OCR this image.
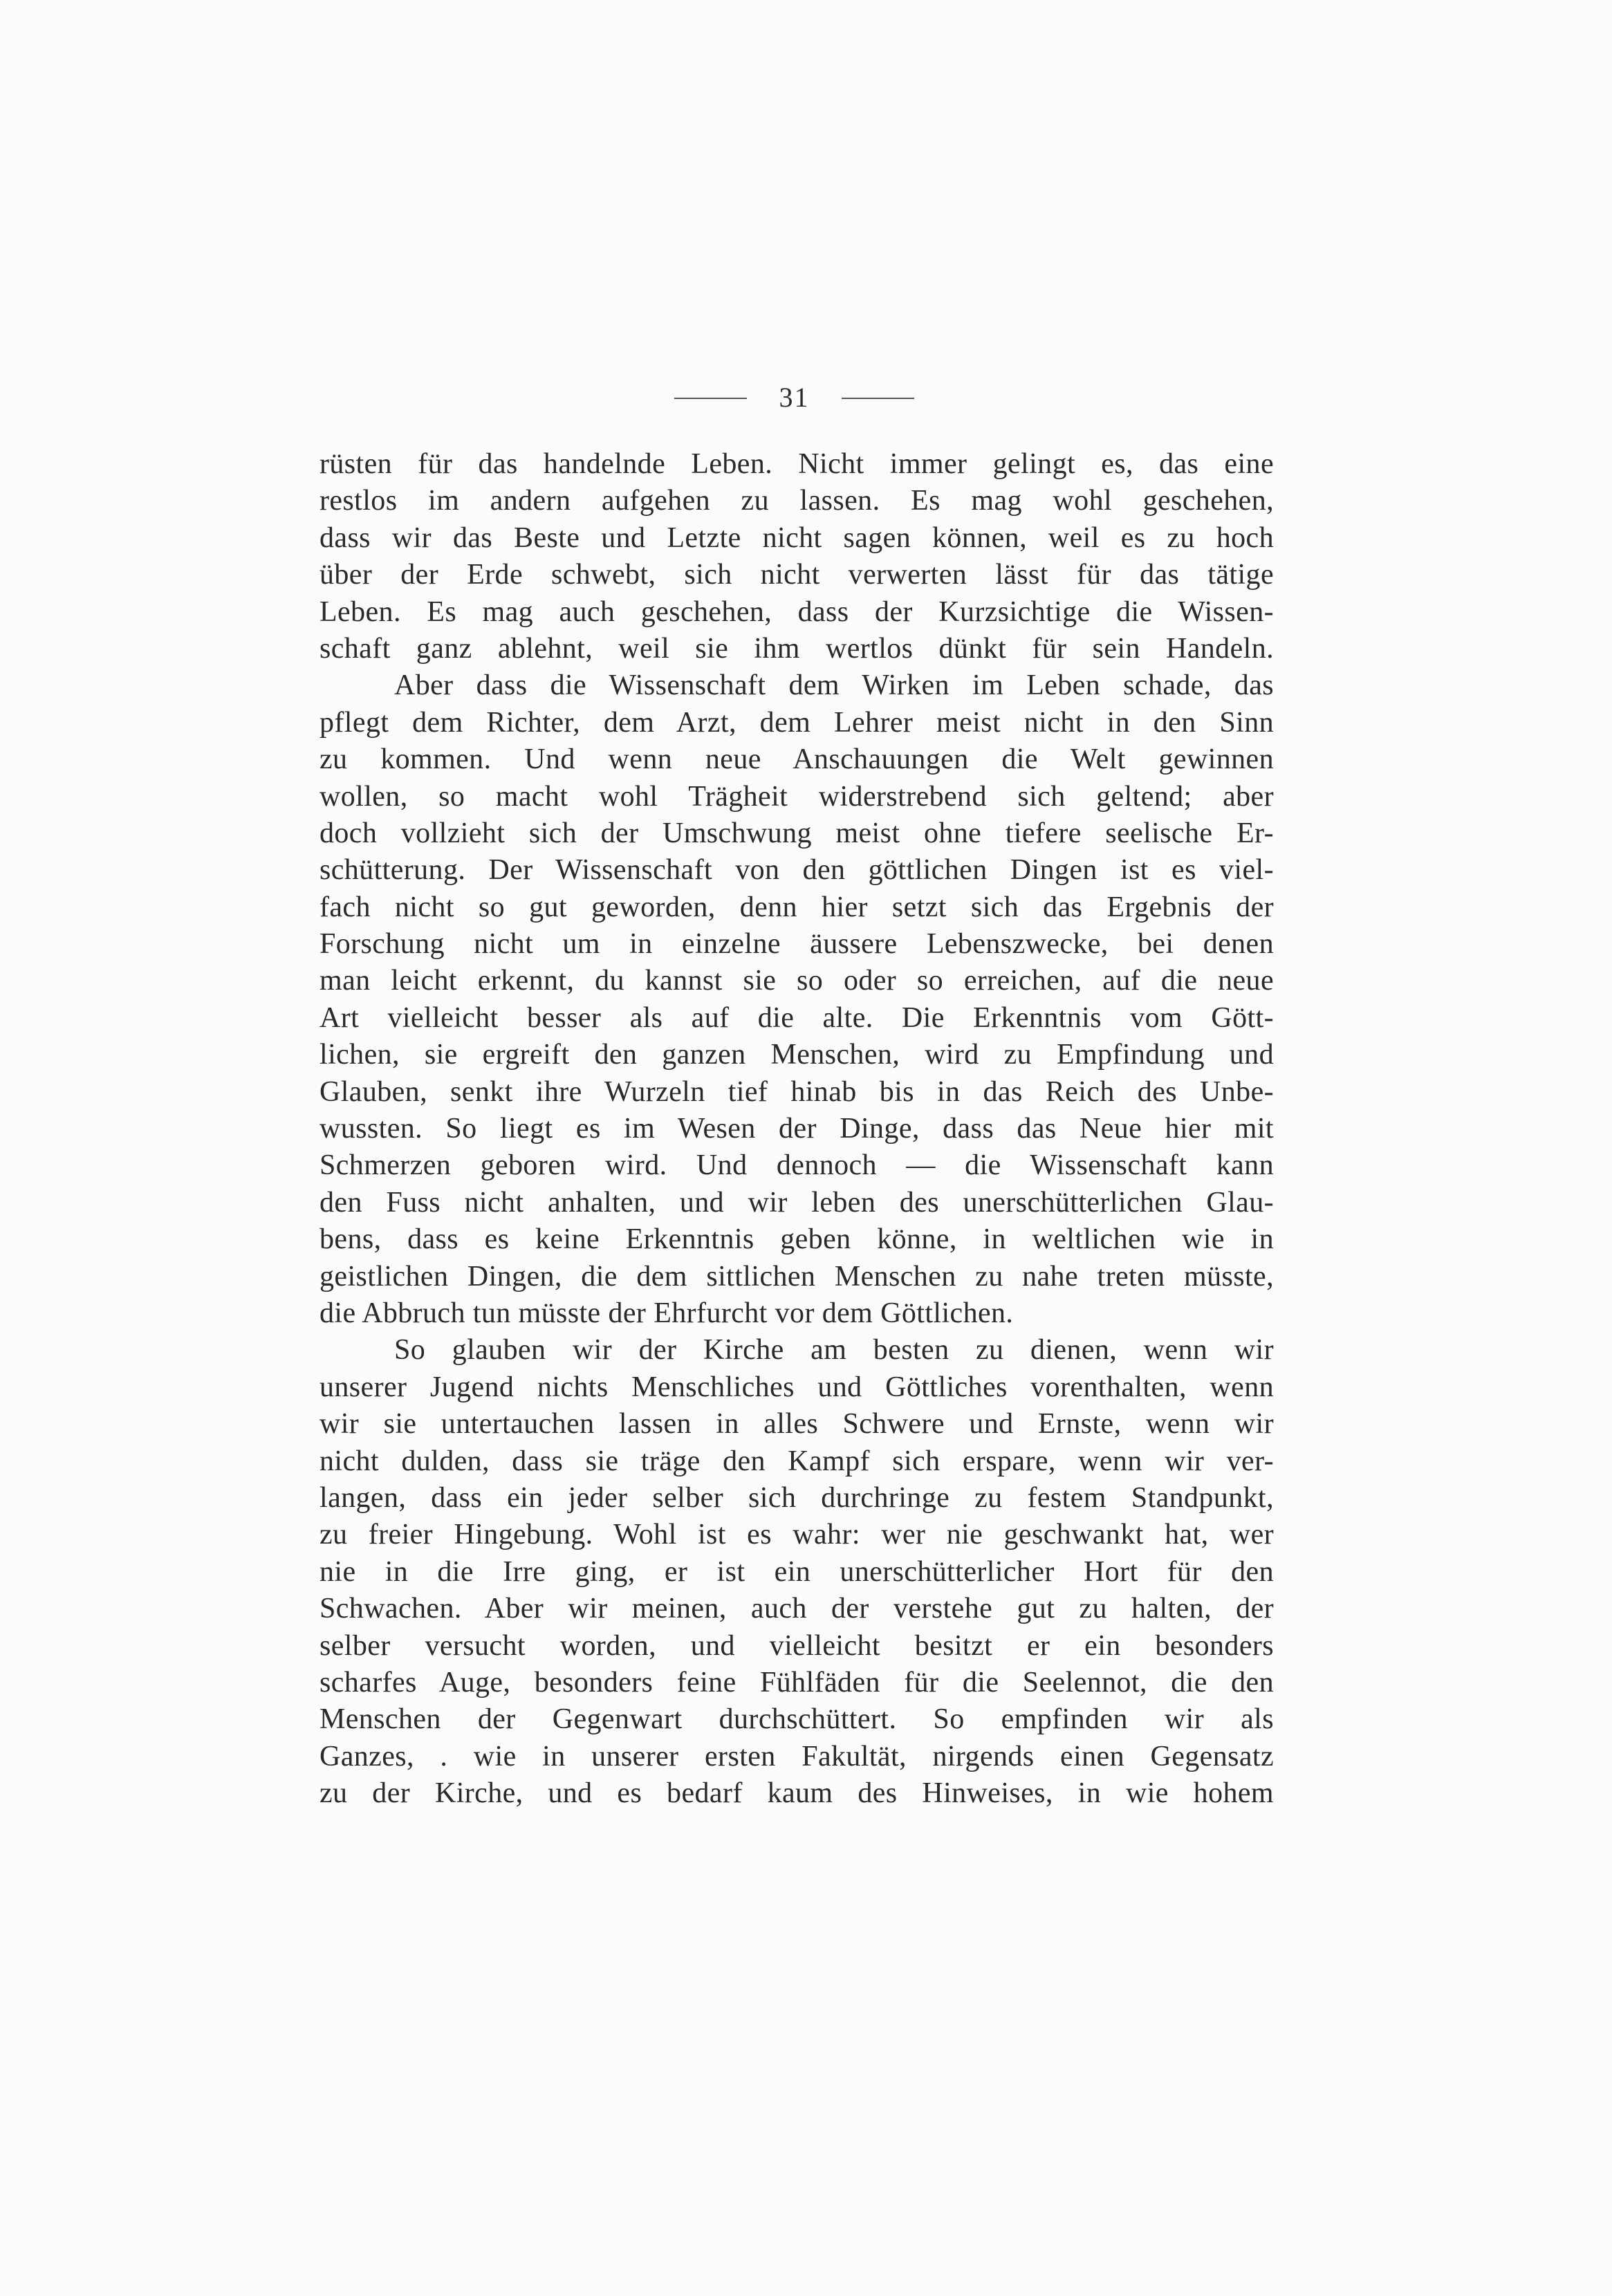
31
rüsten für das handelnde Leben. Nicht immer gelingt es, das eine
restlos im andern aufgehen zu lassen. Es mag wohl geschehen,
dass wir das Beste und Letzte nicht sagen können, weil es zu hoch
über der Erde schwebt, sich nicht verwerten lässt für das tätige
Leben. Es mag auch geschehen, dass der Kurzsichtige die Wissen-
schaft ganz ablehnt, weil sie ihm wertlos dünkt für sein Handeln.
Aber dass die Wissenschaft dem Wirken im Leben schade, das
pflegt dem Richter, dem Arzt, dem Lehrer meist nicht in den Sinn
zu kommen. Und wenn neue Anschauungen die Welt gewinnen
wollen, so macht wohl Trägheit widerstrebend sich geltend; aber
doch vollzieht sich der Umschwung meist ohne tiefere seelische Er-
schütterung. Der Wissenschaft von den göttlichen Dingen ist es viel-
fach nicht so gut geworden, denn hier setzt sich das Ergebnis der
Forschung nicht um in einzelne äussere Lebenszwecke, bei denen
man leicht erkennt, du kannst sie so oder so erreichen, auf die neue
Art vielleicht besser als auf die alte. Die Erkenntnis vom Gött-
lichen, sie ergreift den ganzen Menschen, wird zu Empfindung und
Glauben, senkt ihre Wurzeln tief hinab bis in das Reich des Unbe-
wussten. So liegt es im Wesen der Dinge, dass das Neue hier mit
Schmerzen geboren wird. Und dennoch — die Wissenschaft kann
den Fuss nicht anhalten, und wir leben des unerschütterlichen Glau-
bens, dass es keine Erkenntnis geben könne, in weltlichen wie in
geistlichen Dingen, die dem sittlichen Menschen zu nahe treten müsste,
die Abbruch tun müsste der Ehrfurcht vor dem Göttlichen.
So glauben wir der Kirche am besten zu dienen, wenn wir
unserer Jugend nichts Menschliches und Göttliches vorenthalten, wenn
wir sie untertauchen lassen in alles Schwere und Ernste, wenn wir
nicht dulden, dass sie träge den Kampf sich erspare, wenn wir ver-
langen, dass ein jeder selber sich durchringe zu festem Standpunkt,
zu freier Hingebung. Wohl ist es wahr: wer nie geschwankt hat, wer
nie in die Irre ging, er ist ein unerschütterlicher Hort für den
Schwachen. Aber wir meinen, auch der verstehe gut zu halten, der
selber versucht worden, und vielleicht besitzt er ein besonders
scharfes Auge, besonders feine Fühlfäden für die Seelennot, die den
Menschen der Gegenwart durchschüttert. So empfinden wir als
Ganzes, . wie in unserer ersten Fakultät, nirgends einen Gegensatz
zu der Kirche, und es bedarf kaum des Hinweises, in wie hohem
